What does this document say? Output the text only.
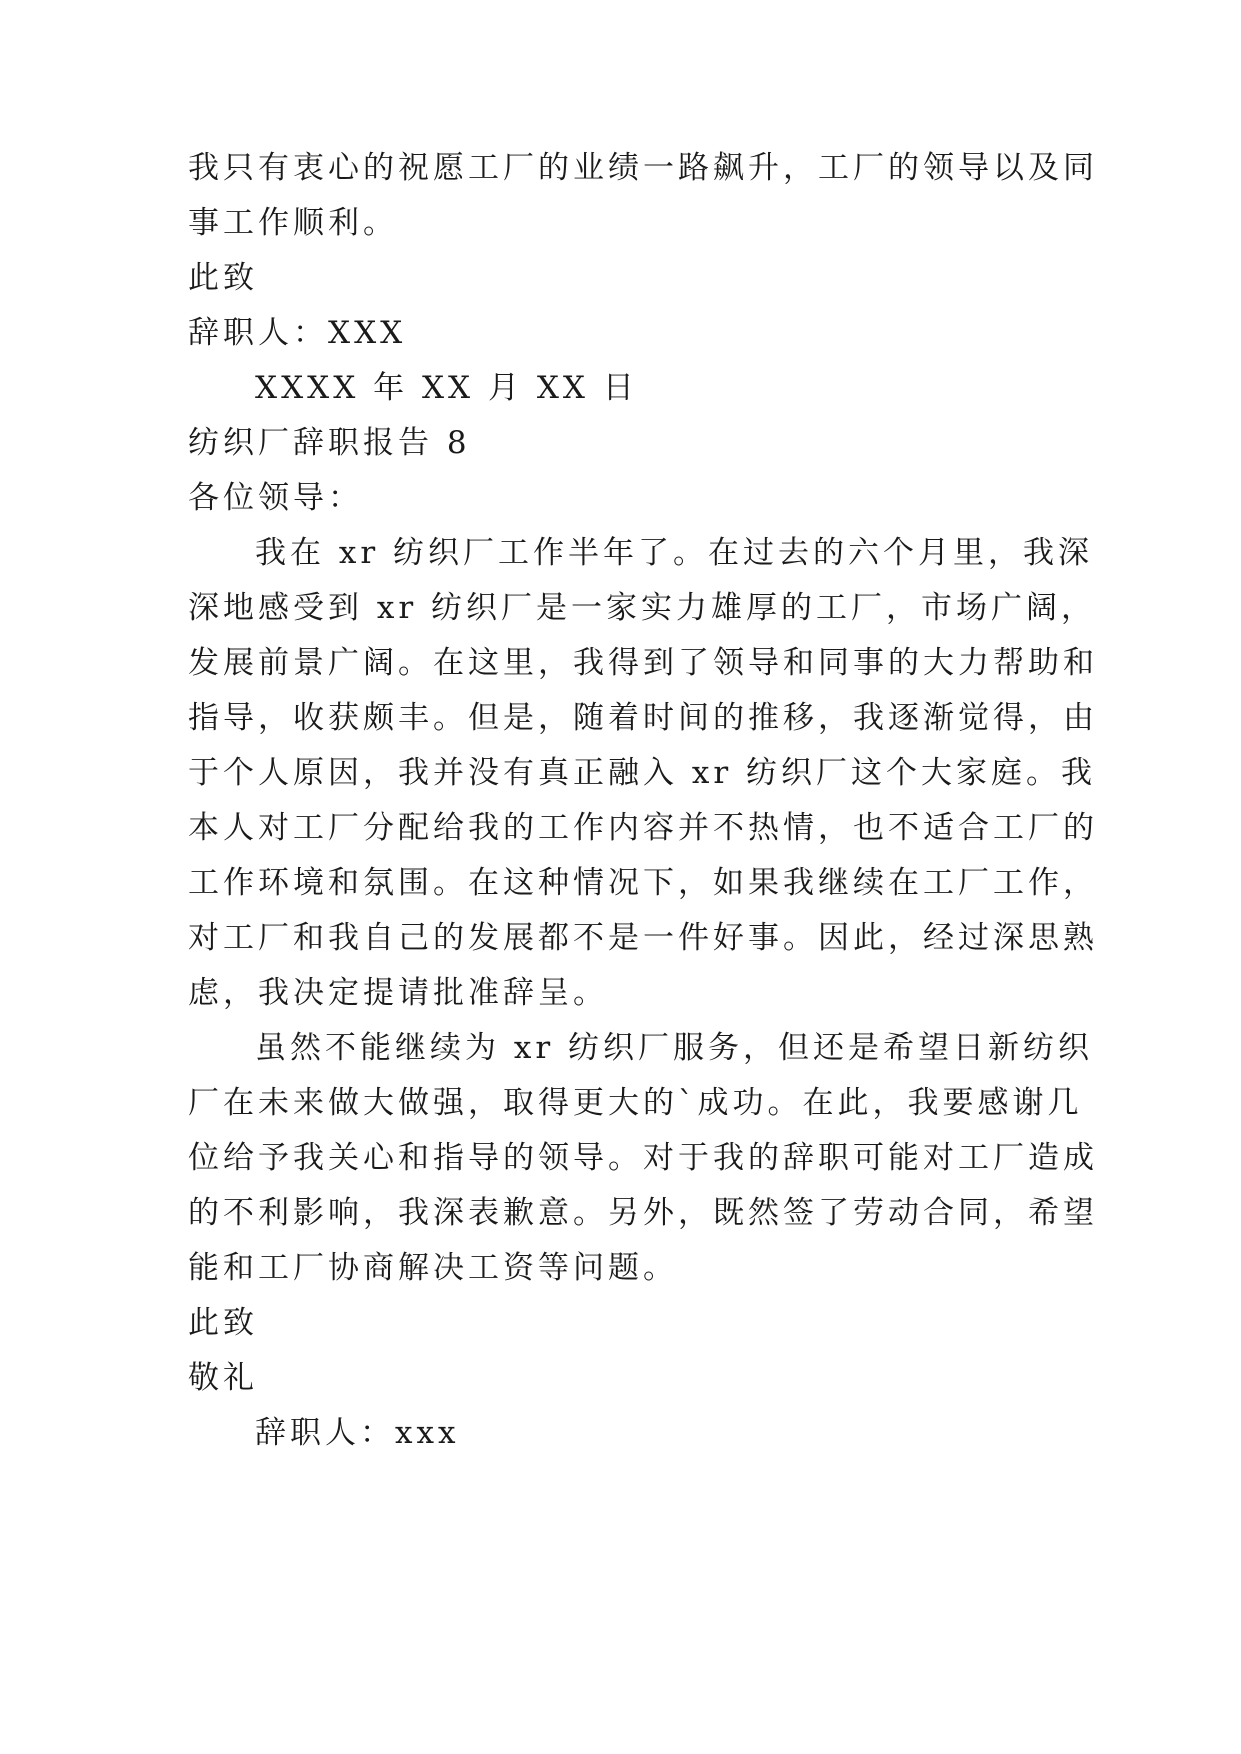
我只有衷心的祝愿工厂的业绩一路飙升，工厂的领导以及同
事工作顺利。
此致
辞职人：XXX
XXXX 年 XX 月 XX 日
纺织厂辞职报告 8
各位领导：
我在 xr 纺织厂工作半年了。在过去的六个月里，我深
深地感受到 xr 纺织厂是一家实力雄厚的工厂，市场广阔，
发展前景广阔。在这里，我得到了领导和同事的大力帮助和
指导，收获颇丰。但是，随着时间的推移，我逐渐觉得，由
于个人原因，我并没有真正融入 xr 纺织厂这个大家庭。我
本人对工厂分配给我的工作内容并不热情，也不适合工厂的
工作环境和氛围。在这种情况下，如果我继续在工厂工作，
对工厂和我自己的发展都不是一件好事。因此，经过深思熟
虑，我决定提请批准辞呈。
虽然不能继续为 xr 纺织厂服务，但还是希望日新纺织
厂在未来做大做强，取得更大的`成功。在此，我要感谢几
位给予我关心和指导的领导。对于我的辞职可能对工厂造成
的不利影响，我深表歉意。另外，既然签了劳动合同，希望
能和工厂协商解决工资等问题。
此致
敬礼
辞职人：xxx
